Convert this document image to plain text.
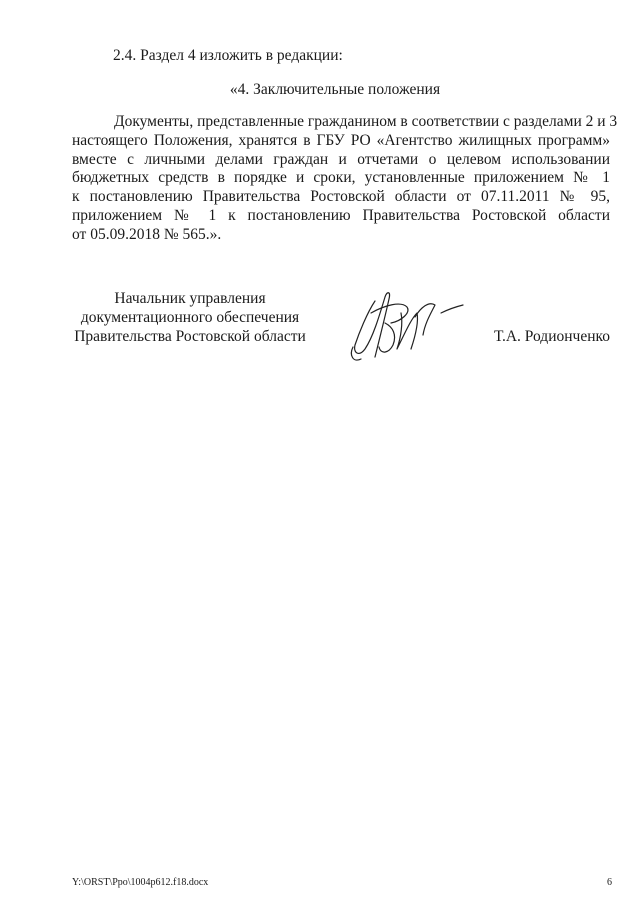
2.4. Раздел 4 изложить в редакции:
«4. Заключительные положения
Документы, представленные гражданином в соответствии с разделами 2 и 3
настоящего Положения, хранятся в ГБУ РО «Агентство жилищных программ»
вместе с личными делами граждан и отчетами о целевом использовании
бюджетных средств в порядке и сроки, установленные приложением № 1
к постановлению Правительства Ростовской области от 07.11.2011 № 95,
приложением № 1 к постановлению Правительства Ростовской области
от 05.09.2018 № 565.».
Начальник управления
документационного обеспечения
Правительства Ростовской области	Т.А. Родионченко
Y:\ORST\Ppo\1004p612.f18.docx	6
